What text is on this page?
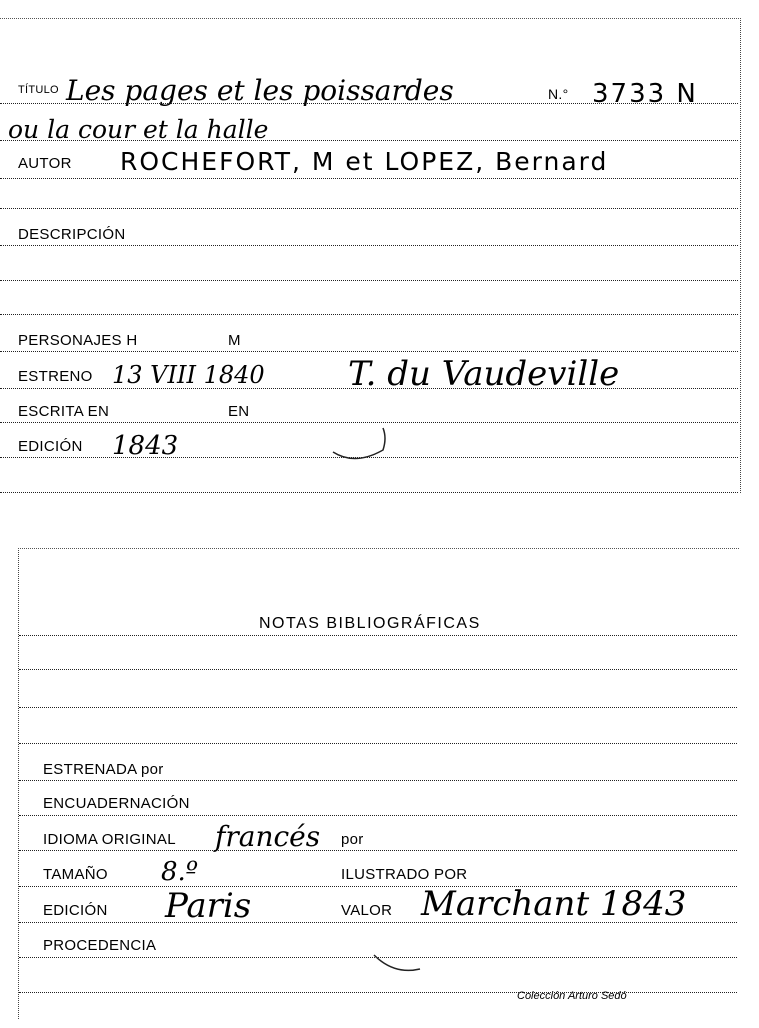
TÍTULO Les pages et les poissardes	N.° 3733 N
ou la cour et la halle
AUTOR ROCHEFORT, M et LOPEZ, Bernard
DESCRIPCIÓN
PERSONAJES H	M
ESTRENO 13 VIII 1840 T. du Vaudeville
ESCRITA EN	EN
EDICIÓN 1843
NOTAS BIBLIOGRÁFICAS
ESTRENADA por
ENCUADERNACIÓN
IDIOMA ORIGINAL francés por
TAMAÑO 8.º	ILUSTRADO POR
EDICIÓN Paris	VALOR Marchant 1843
PROCEDENCIA
Colección Arturo Sedó
